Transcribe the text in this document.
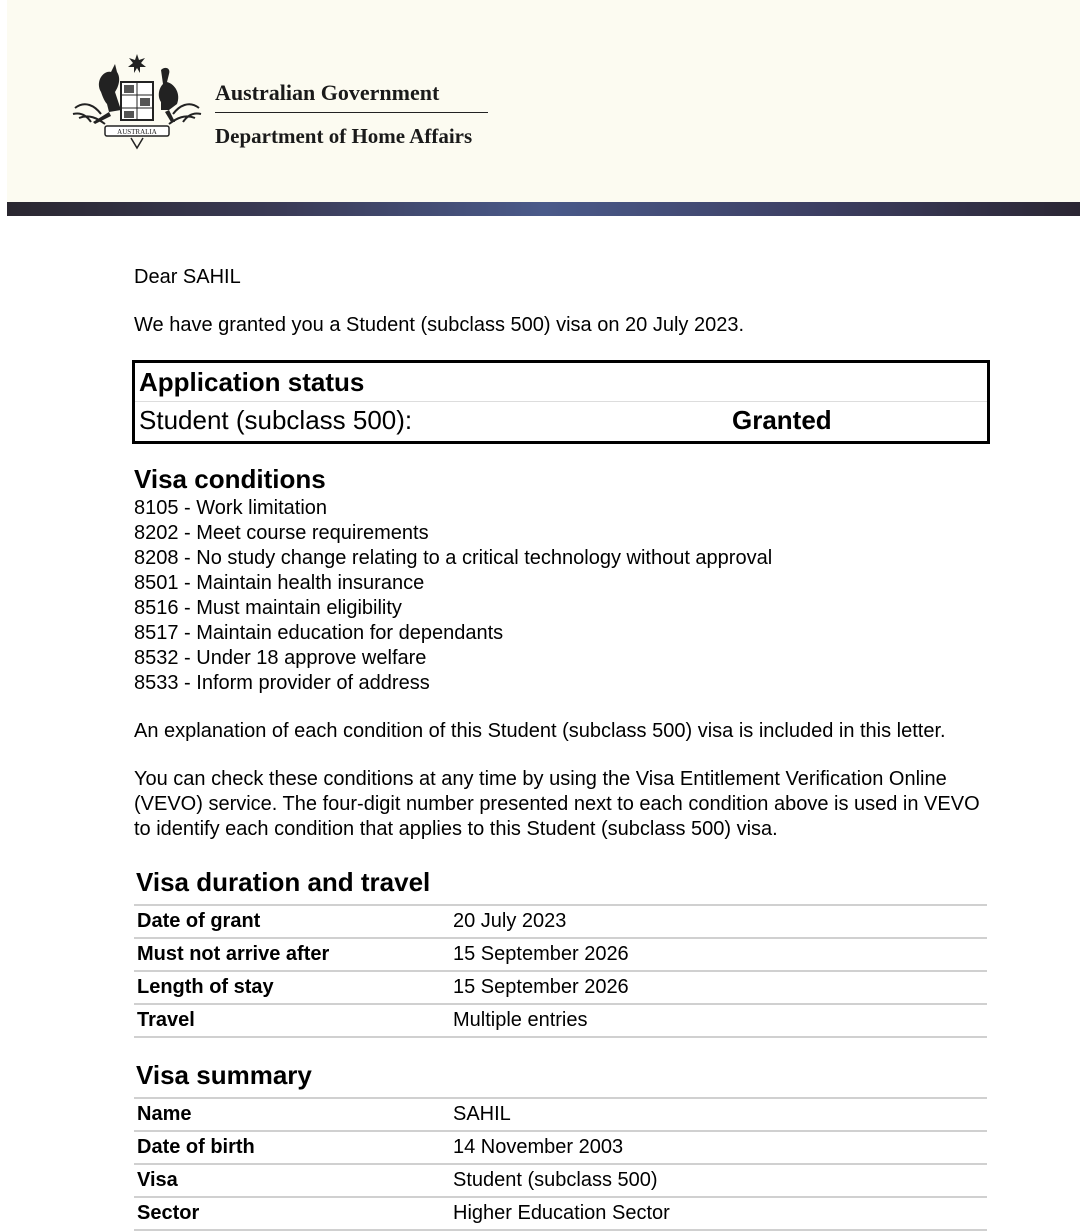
AUSTRALIA
Australian Government
Department of Home Affairs
Dear SAHIL
We have granted you a Student (subclass 500) visa on 20 July 2023.
Application status
Student (subclass 500):	Granted
Visa conditions
8105 - Work limitation
8202 - Meet course requirements
8208 - No study change relating to a critical technology without approval
8501 - Maintain health insurance
8516 - Must maintain eligibility
8517 - Maintain education for dependants
8532 - Under 18 approve welfare
8533 - Inform provider of address
An explanation of each condition of this Student (subclass 500) visa is included in this letter.
You can check these conditions at any time by using the Visa Entitlement Verification Online (VEVO) service. The four-digit number presented next to each condition above is used in VEVO to identify each condition that applies to this Student (subclass 500) visa.
Visa duration and travel
Date of grant	20 July 2023
Must not arrive after	15 September 2026
Length of stay	15 September 2026
Travel	Multiple entries
Visa summary
Name	SAHIL
Date of birth	14 November 2003
Visa	Student (subclass 500)
Sector	Higher Education Sector
